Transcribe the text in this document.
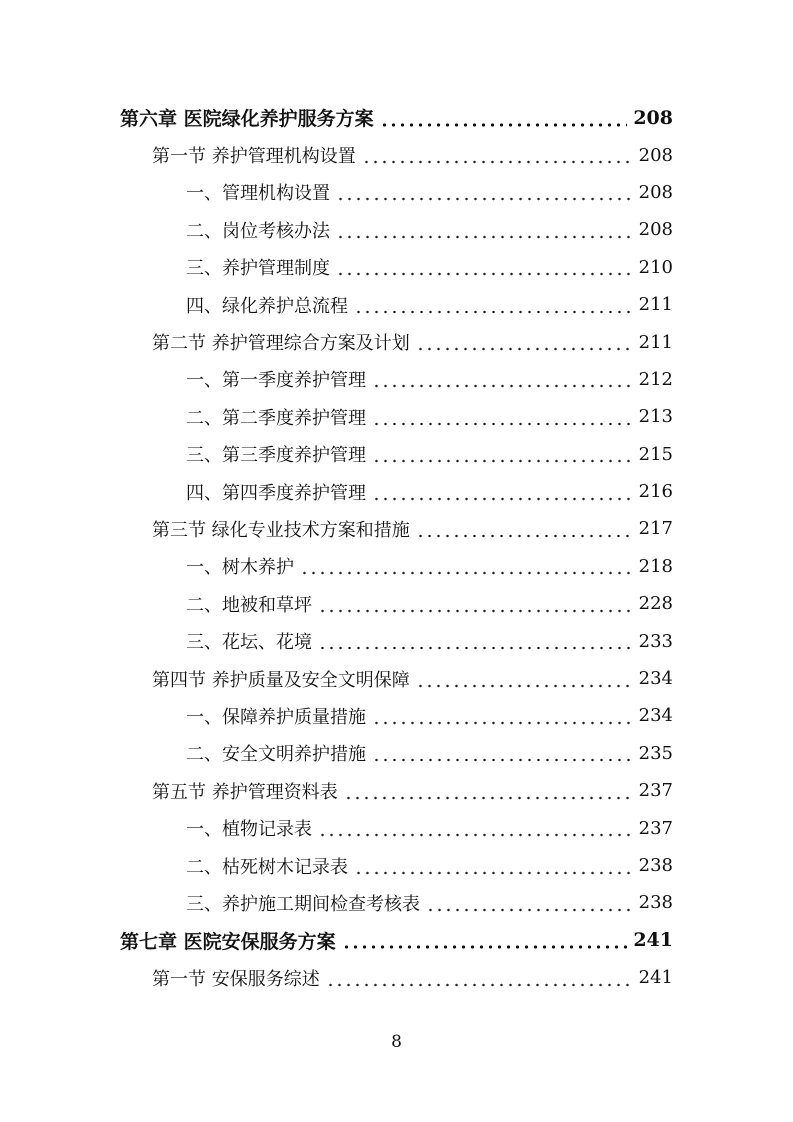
第六章 医院绿化养护服务方案	208
第一节 养护管理机构设置	208
一、管理机构设置	208
二、岗位考核办法	208
三、养护管理制度	210
四、绿化养护总流程	211
第二节 养护管理综合方案及计划	211
一、第一季度养护管理	212
二、第二季度养护管理	213
三、第三季度养护管理	215
四、第四季度养护管理	216
第三节 绿化专业技术方案和措施	217
一、树木养护	218
二、地被和草坪	228
三、花坛、花境	233
第四节 养护质量及安全文明保障	234
一、保障养护质量措施	234
二、安全文明养护措施	235
第五节 养护管理资料表	237
一、植物记录表	237
二、枯死树木记录表	238
三、养护施工期间检查考核表	238
第七章 医院安保服务方案	241
第一节 安保服务综述	241
8
